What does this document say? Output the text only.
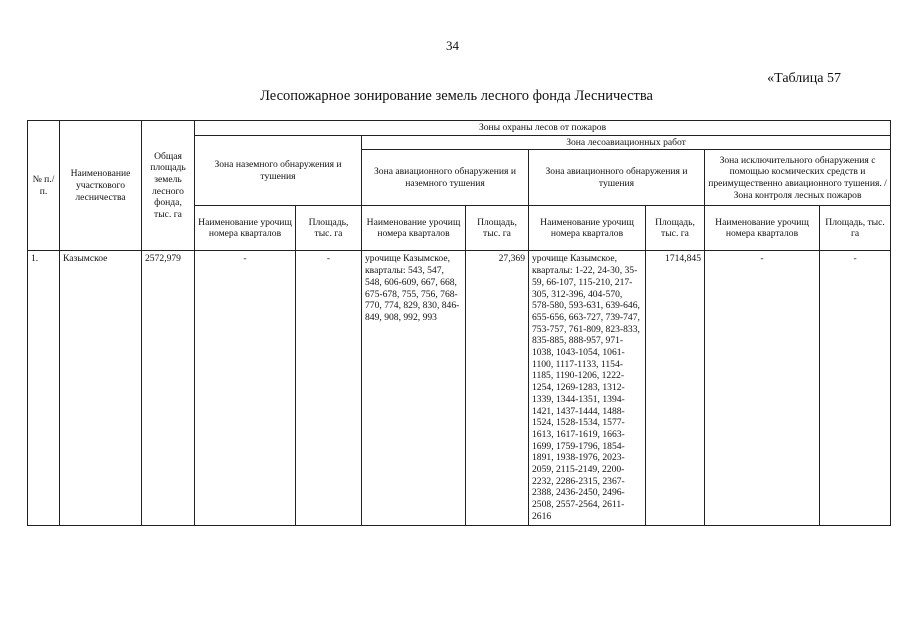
34
«Таблица 57
Лесопожарное зонирование земель лесного фонда Лесничества
№ п./п.	Наименование участкового лесничества	Общая площадь земель лесного фонда, тыс. га	Зоны охраны лесов от пожаров							
			Зона наземного обнаружения и тушения		Зона лесоавиационных работ					
					Зона авиационного обнаружения и наземного тушения		Зона авиационного обнаружения и тушения		Зона исключительного обнаружения с помощью космических средств и преимущественно авиационного тушения. / Зона контроля лесных пожаров	
			Наименование урочищ номера кварталов	Площадь, тыс. га	Наименование урочищ номера кварталов	Площадь, тыс. га	Наименование урочищ номера кварталов	Площадь, тыс. га	Наименование урочищ номера кварталов	Площадь, тыс. га
1.	Казымское	2572,979	-	-	урочище Казымское, кварталы: 543, 547, 548, 606-609, 667, 668, 675-678, 755, 756, 768-770, 774, 829, 830, 846-849, 908, 992, 993	27,369	урочище Казымское, кварталы: 1-22, 24-30, 35-59, 66-107, 115-210, 217-305, 312-396, 404-570, 578-580, 593-631, 639-646, 655-656, 663-727, 739-747, 753-757, 761-809, 823-833, 835-885, 888-957, 971-1038, 1043-1054, 1061-1100, 1117-1133, 1154-1185, 1190-1206, 1222-1254, 1269-1283, 1312-1339, 1344-1351, 1394-1421, 1437-1444, 1488-1524, 1528-1534, 1577-1613, 1617-1619, 1663-1699, 1759-1796, 1854-1891, 1938-1976, 2023-2059, 2115-2149, 2200-2232, 2286-2315, 2367-2388, 2436-2450, 2496-2508, 2557-2564, 2611-2616	1714,845	-	-
